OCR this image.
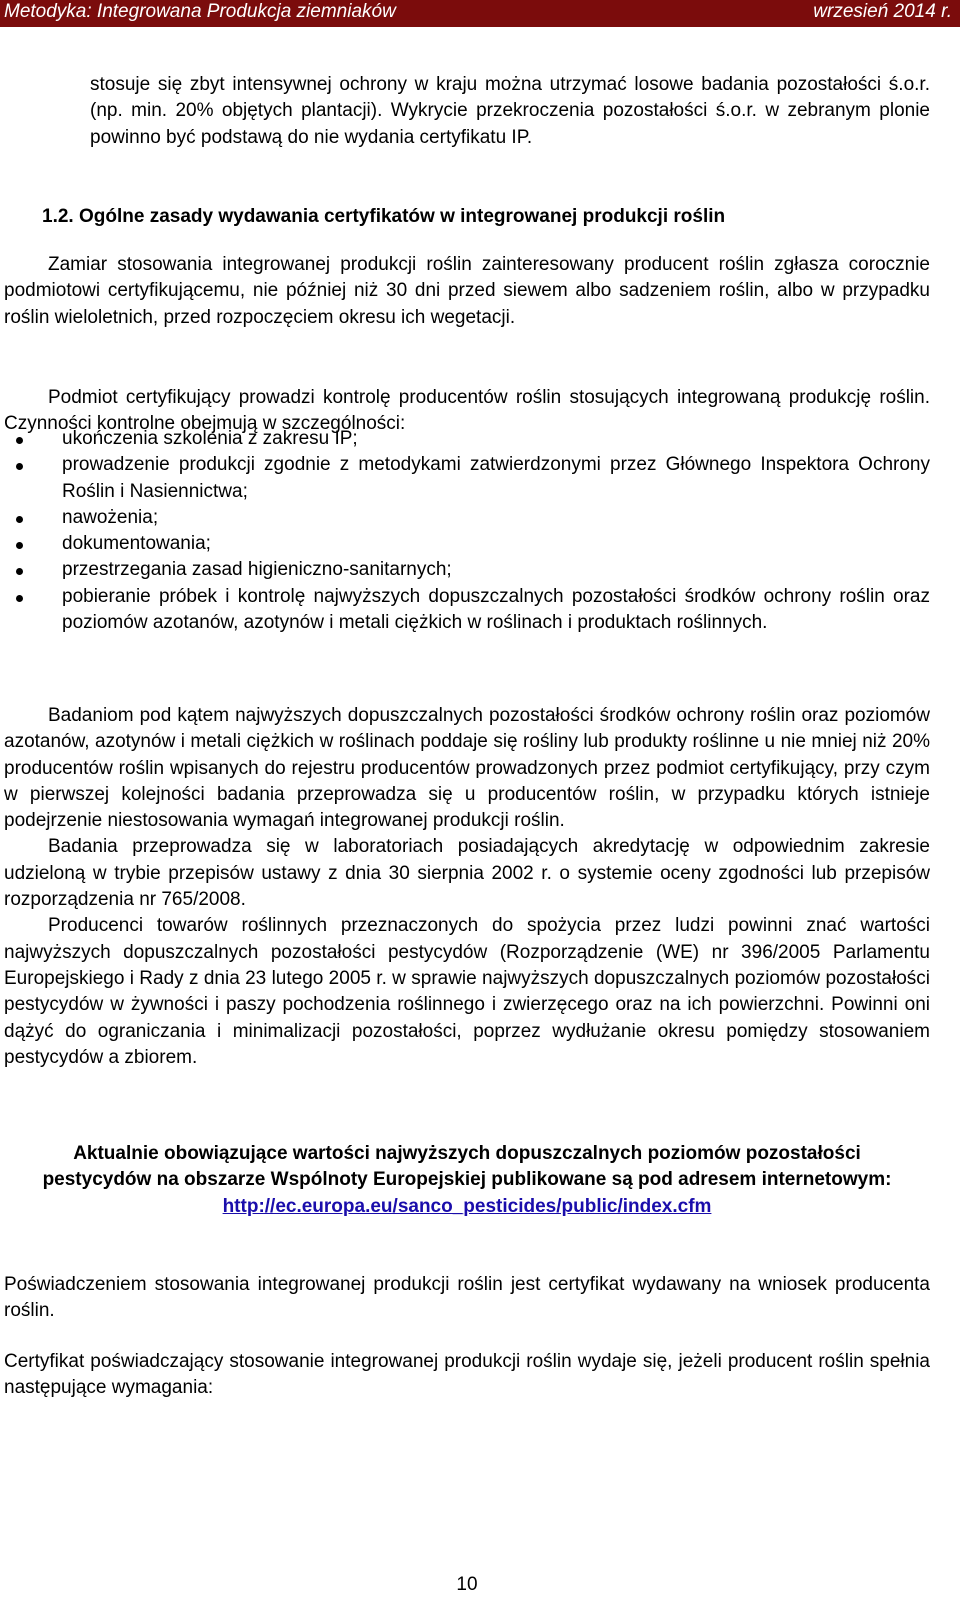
Metodyka: Integrowana Produkcja ziemniaków	wrzesień 2014 r.
stosuje się zbyt intensywnej ochrony w kraju można utrzymać losowe badania pozostałości ś.o.r. (np. min. 20% objętych plantacji). Wykrycie przekroczenia pozostałości ś.o.r. w zebranym plonie powinno być podstawą do nie wydania certyfikatu IP.
1.2. Ogólne zasady wydawania certyfikatów w integrowanej produkcji roślin
Zamiar stosowania integrowanej produkcji roślin zainteresowany producent roślin zgłasza corocznie podmiotowi certyfikującemu, nie później niż 30 dni przed siewem albo sadzeniem roślin, albo w przypadku roślin wieloletnich, przed rozpoczęciem okresu ich wegetacji.
Podmiot certyfikujący prowadzi kontrolę producentów roślin stosujących integrowaną produkcję roślin. Czynności kontrolne obejmują w szczególności:
ukończenia szkolenia z zakresu IP;
prowadzenie produkcji zgodnie z metodykami zatwierdzonymi przez Głównego Inspektora Ochrony Roślin i Nasiennictwa;
nawożenia;
dokumentowania;
przestrzegania zasad higieniczno-sanitarnych;
pobieranie próbek i kontrolę najwyższych dopuszczalnych pozostałości środków ochrony roślin oraz poziomów azotanów, azotynów i metali ciężkich w roślinach i produktach roślinnych.
Badaniom pod kątem najwyższych dopuszczalnych pozostałości środków ochrony roślin oraz poziomów azotanów, azotynów i metali ciężkich w roślinach poddaje się rośliny lub produkty roślinne u nie mniej niż 20% producentów roślin wpisanych do rejestru producentów prowadzonych przez podmiot certyfikujący, przy czym w pierwszej kolejności badania przeprowadza się u producentów roślin, w przypadku których istnieje podejrzenie niestosowania wymagań integrowanej produkcji roślin.
Badania przeprowadza się w laboratoriach posiadających akredytację w odpowiednim zakresie udzieloną w trybie przepisów ustawy z dnia 30 sierpnia 2002 r. o systemie oceny zgodności lub przepisów rozporządzenia nr 765/2008.
Producenci towarów roślinnych przeznaczonych do spożycia przez ludzi powinni znać wartości najwyższych dopuszczalnych pozostałości pestycydów (Rozporządzenie (WE) nr 396/2005 Parlamentu Europejskiego i Rady z dnia 23 lutego 2005 r. w sprawie najwyższych dopuszczalnych poziomów pozostałości pestycydów w żywności i paszy pochodzenia roślinnego i zwierzęcego oraz na ich powierzchni. Powinni oni dążyć do ograniczania i minimalizacji pozostałości, poprzez wydłużanie okresu pomiędzy stosowaniem pestycydów a zbiorem.
Aktualnie obowiązujące wartości najwyższych dopuszczalnych poziomów pozostałości pestycydów na obszarze Wspólnoty Europejskiej publikowane są pod adresem internetowym:
http://ec.europa.eu/sanco_pesticides/public/index.cfm
Poświadczeniem stosowania integrowanej produkcji roślin jest certyfikat wydawany na wniosek producenta roślin.
Certyfikat poświadczający stosowanie integrowanej produkcji roślin wydaje się, jeżeli producent roślin spełnia następujące wymagania:
10
